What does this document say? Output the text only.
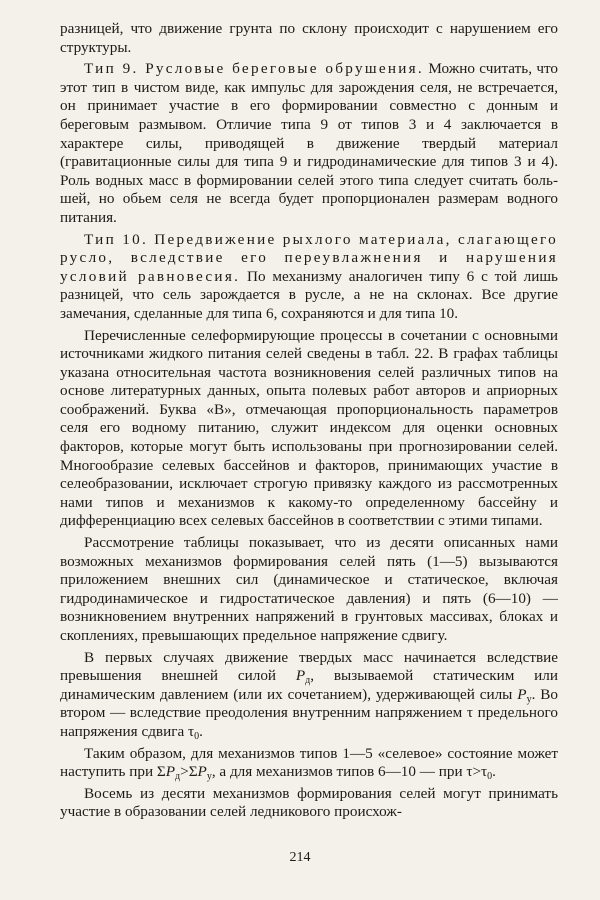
разницей, что движение грунта по склону происходит с нарушением его структуры.

Тип 9. Русловые береговые обрушения. Можно считать, что этот тип в чистом виде, как импульс для зарождения селя, не встречается, он принимает участие в его формировании совместно с донным и береговым размывом. Отличие типа 9 от типов 3 и 4 заключается в характере силы, приводящей в движение твердый материал (гравитационные силы для типа 9 и гидродинамические для типов 3 и 4). Роль водных масс в формировании селей этого типа следует считать большей, но обьем селя не всегда будет пропорционален размерам водного питания.

Тип 10. Передвижение рыхлого материала, слагающего русло, вследствие его переувлажнения и нарушения условий равновесия. По механизму аналогичен типу 6 с той лишь разницей, что сель зарождается в русле, а не на склонах. Все другие замечания, сделанные для типа 6, сохраняются и для типа 10.

Перечисленные селеформирующие процессы в сочетании с основными источниками жидкого питания селей сведены в табл. 22. В графах таблицы указана относительная частота возникновения селей различных типов на основе литературных данных, опыта полевых работ авторов и априорных соображений. Буква «В», отмечающая пропорциональность параметров селя его водному питанию, служит индексом для оценки основных факторов, которые могут быть использованы при прогнозировании селей. Многообразие селевых бассейнов и факторов, принимающих участие в селеобразовании, исключает строгую привязку каждого из рассмотренных нами типов и механизмов к какому-то определенному бассейну и дифференциацию всех селевых бассейнов в соответствии с этими типами.

Рассмотрение таблицы показывает, что из десяти описанных нами возможных механизмов формирования селей пять (1—5) вызываются приложением внешних сил (динамическое и статическое, включая гидродинамическое и гидростатическое давления) и пять (6—10) — возникновением внутренних напряжений в грунтовых массивах, блоках и скоплениях, превышающих предельное напряжение сдвигу.

В первых случаях движение твердых масс начинается вследствие превышения внешней силой $P_д$, вызываемой статическим или динамическим давлением (или их сочетанием), удерживающей силы $P_у$. Во втором — вследствие преодоления внутренним напряжением τ предельного напряжения сдвига $\tau_0$.

Таким образом, для механизмов типов 1—5 «селевое» состояние может наступить при $\Sigma P_д>\Sigma P_у$, а для механизмов типов 6—10 — при $\tau>\tau_0$.

Восемь из десяти механизмов формирования селей могут принимать участие в образовании селей ледникового происхож-

214
